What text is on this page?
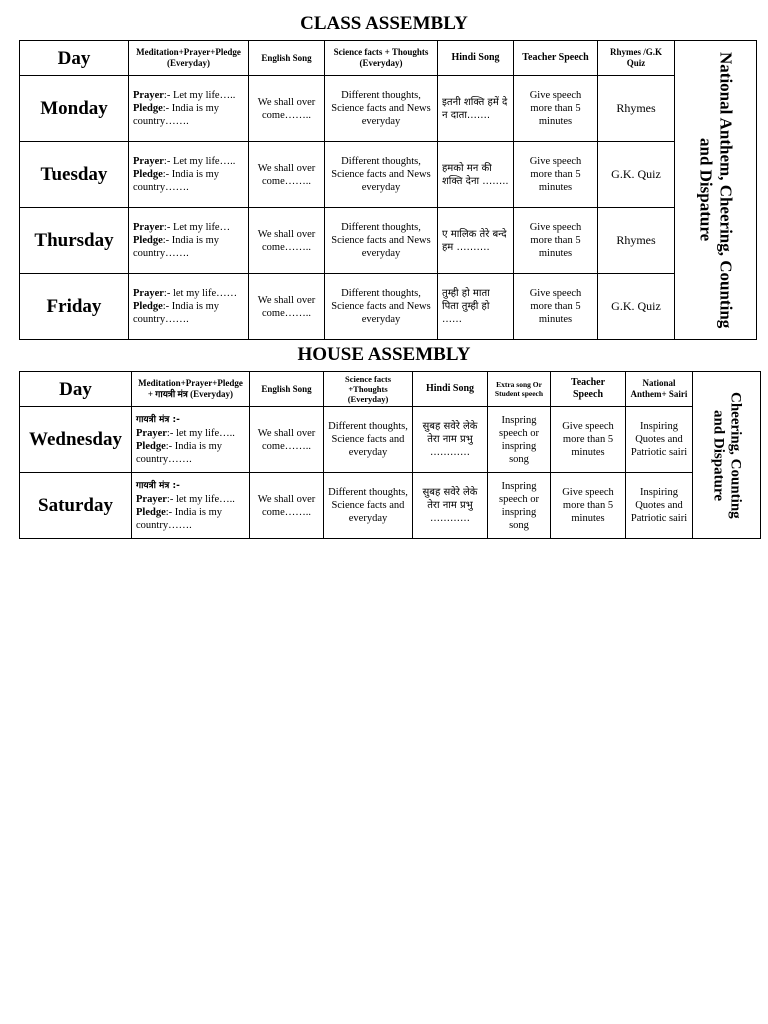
CLASS ASSEMBLY
Day	Meditation+Prayer+Pledge (Everyday)	English Song	Science facts + Thoughts (Everyday)	Hindi Song	Teacher Speech	Rhymes /G.K Quiz	National Anthem, Cheering, Counting and Dispature

Monday	Prayer:- Let my life…..
Pledge:- India is my country…….	We shall over come……..	Different thoughts, Science facts and News everyday	इतनी शक्ति हमें दे न दाता…….	Give speech more than 5 minutes	Rhymes	
Tuesday	Prayer:- Let my life…..
Pledge:- India is my country…….	We shall over come……..	Different thoughts, Science facts and News everyday	हमको मन की शक्ति देना ……..	Give speech more than 5 minutes	G.K. Quiz	
Thursday	Prayer:- Let my life…
Pledge:- India is my country…….	We shall over come……..	Different thoughts, Science facts and News everyday	ए मालिक तेरे बन्दे हम ……….	Give speech more than 5 minutes	Rhymes	
Friday	Prayer:- let my life……
Pledge:- India is my country…….	We shall over come……..	Different thoughts, Science facts and News everyday	तुम्ही हो माता पिता तुम्ही हो ……	Give speech more than 5 minutes	G.K. Quiz	
HOUSE ASSEMBLY
Day	Meditation+Prayer+Pledge + गायत्री मंत्र (Everyday)	English Song	Science facts +Thoughts (Everyday)	Hindi Song	Extra song Or Student speech	Teacher Speech	National Anthem+ Sairi	Cheering, Counting and Dispature

Wednesday	गायत्री मंत्र :-
Prayer:- let my life…..
Pledge:- India is my country…….	We shall over come……..	Different thoughts, Science facts and everyday	सुबह सवेरे लेके तेरा नाम प्रभु …………	Inspring speech or inspring song	Give speech more than 5 minutes	Inspiring Quotes and Patriotic sairi	
Saturday	गायत्री मंत्र :-
Prayer:- let my life…..
Pledge:- India is my country…….	We shall over come……..	Different thoughts, Science facts and everyday	सुबह सवेरे लेके तेरा नाम प्रभु …………	Inspring speech or inspring song	Give speech more than 5 minutes	Inspiring Quotes and Patriotic sairi	
